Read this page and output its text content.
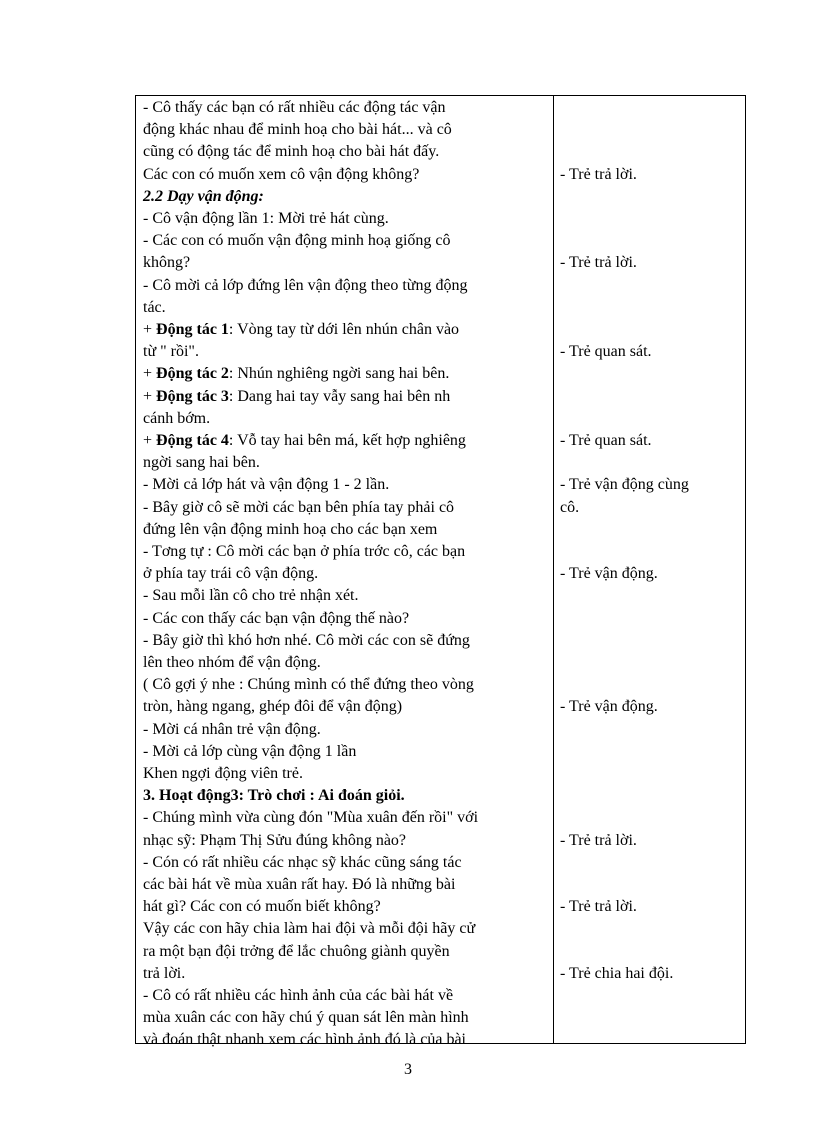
- Cô thấy các bạn có rất nhiều các động tác vận
động khác nhau để minh hoạ cho bài hát... và cô
cũng có động tác để minh hoạ cho bài hát đấy.
Các con có muốn xem cô vận động không?
2.2 Dạy vận động:
- Cô vận động lần 1: Mời trẻ hát cùng.
- Các con có muốn vận động minh hoạ giống cô
không?
- Cô mời cả lớp đứng lên vận động theo từng động
tác.
+ Động tác 1: Vòng tay từ dới lên nhún chân vào
từ " rồi".
+ Động tác 2: Nhún nghiêng ngời sang hai bên.
+ Động tác 3: Dang hai tay vẫy sang hai bên nh
cánh bớm.
+ Động tác 4: Vỗ tay hai bên má, kết hợp nghiêng
ngời sang hai bên.
- Mời cả lớp hát và vận động 1 - 2 lần.
- Bây giờ cô sẽ mời các bạn bên phía tay phải cô
đứng lên vận động minh hoạ cho các bạn xem
- Tơng tự : Cô mời các bạn ở phía trớc cô, các bạn
ở phía tay trái cô vận động.
- Sau mỗi lần cô cho trẻ nhận xét.
- Các con thấy các bạn vận động thế nào?
- Bây giờ thì khó hơn nhé. Cô mời các con sẽ đứng
lên theo nhóm để vận động.
( Cô gợi ý nhe : Chúng mình có thể đứng theo vòng
tròn, hàng ngang, ghép đôi để vận động)
- Mời cá nhân trẻ vận động.
- Mời cả lớp cùng vận động 1 lần
Khen ngợi động viên trẻ.
3. Hoạt động3: Trò chơi : Ai đoán giỏi.
- Chúng mình vừa cùng đón "Mùa xuân đến rồi" với
nhạc sỹ: Phạm Thị Sửu đúng không nào?
- Cón có rất nhiều các nhạc sỹ khác cũng sáng tác
các bài hát về mùa xuân rất hay. Đó là những bài
hát gì? Các con có muốn biết không?
Vậy các con hãy chia làm hai đội và mỗi đội hãy cử
ra một bạn đội trởng để lắc chuông giành quyền
trả lời.
- Cô có rất nhiều các hình ảnh của các bài hát về
mùa xuân các con hãy chú ý quan sát lên màn hình
và đoán thật nhanh xem các hình ảnh đó là của bài
- Trẻ trả lời.
- Trẻ trả lời.
- Trẻ quan sát.
- Trẻ quan sát.
- Trẻ vận động cùng
cô.
- Trẻ vận động.
- Trẻ vận động.
- Trẻ trả lời.
- Trẻ trả lời.
- Trẻ chia hai đội.
3
